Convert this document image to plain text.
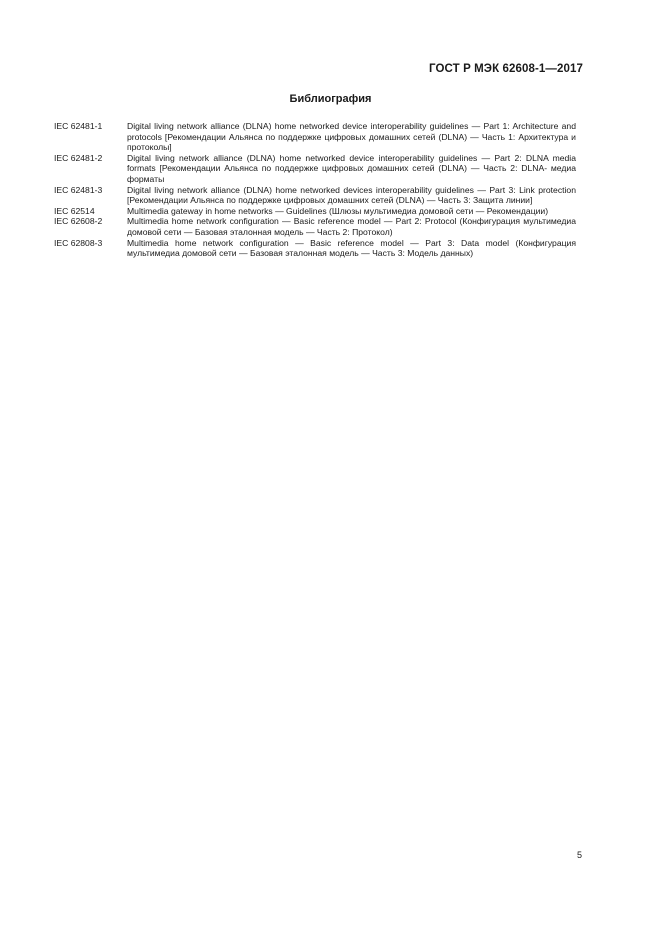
ГОСТ Р МЭК 62608-1—2017
Библиография
IEC 62481-1	Digital living network alliance (DLNA) home networked device interoperability guidelines — Part 1: Architecture and protocols [Рекомендации Альянса по поддержке цифровых домашних сетей (DLNA) — Часть 1: Архитектура и протоколы]
IEC 62481-2	Digital living network alliance (DLNA) home networked device interoperability guidelines — Part 2: DLNA media formats [Рекомендации Альянса по поддержке цифровых домашних сетей (DLNA) — Часть 2: DLNA- медиа форматы
IEC 62481-3	Digital living network alliance (DLNA) home networked devices interoperability guidelines — Part 3: Link protection [Рекомендации Альянса по поддержке цифровых домашних сетей (DLNA) — Часть 3: Защита линии]
IEC 62514	Multimedia gateway in home networks — Guidelines (Шлюзы мультимедиа домовой сети — Рекомендации)
IEC 62608-2	Multimedia home network configuration — Basic reference model — Part 2: Protocol (Конфигурация мультимедиа домовой сети — Базовая эталонная модель — Часть 2: Протокол)
IEC 62808-3	Multimedia home network configuration — Basic reference model — Part 3: Data model (Конфигурация мультимедиа домовой сети — Базовая эталонная модель — Часть 3: Модель данных)
5
